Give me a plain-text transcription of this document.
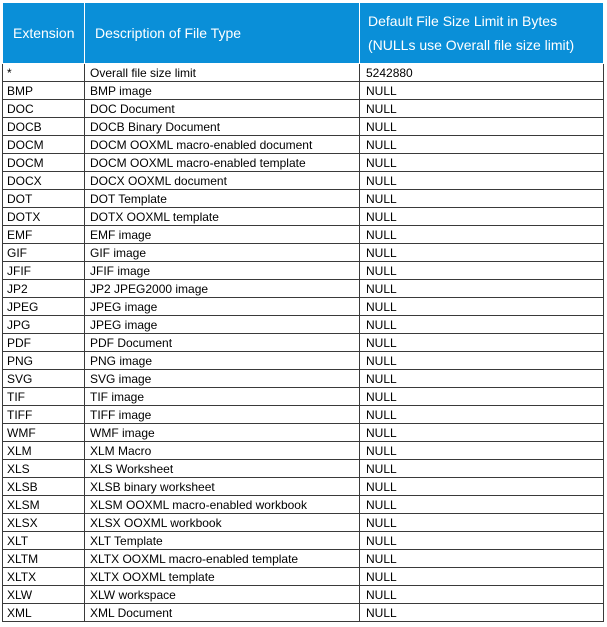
Extension	Description of File Type	Default File Size Limit in Bytes
(NULLs use Overall file size limit)

*	Overall file size limit	5242880
BMP	BMP image	NULL
DOC	DOC Document	NULL
DOCB	DOCB Binary Document	NULL
DOCM	DOCM OOXML macro-enabled document	NULL
DOCM	DOCM OOXML macro-enabled template	NULL
DOCX	DOCX OOXML document	NULL
DOT	DOT Template	NULL
DOTX	DOTX OOXML template	NULL
EMF	EMF image	NULL
GIF	GIF image	NULL
JFIF	JFIF image	NULL
JP2	JP2 JPEG2000 image	NULL
JPEG	JPEG image	NULL
JPG	JPEG image	NULL
PDF	PDF Document	NULL
PNG	PNG image	NULL
SVG	SVG image	NULL
TIF	TIF image	NULL
TIFF	TIFF image	NULL
WMF	WMF image	NULL
XLM	XLM Macro	NULL
XLS	XLS Worksheet	NULL
XLSB	XLSB binary worksheet	NULL
XLSM	XLSM OOXML macro-enabled workbook	NULL
XLSX	XLSX OOXML workbook	NULL
XLT	XLT Template	NULL
XLTM	XLTX OOXML macro-enabled template	NULL
XLTX	XLTX OOXML template	NULL
XLW	XLW workspace	NULL
XML	XML Document	NULL
